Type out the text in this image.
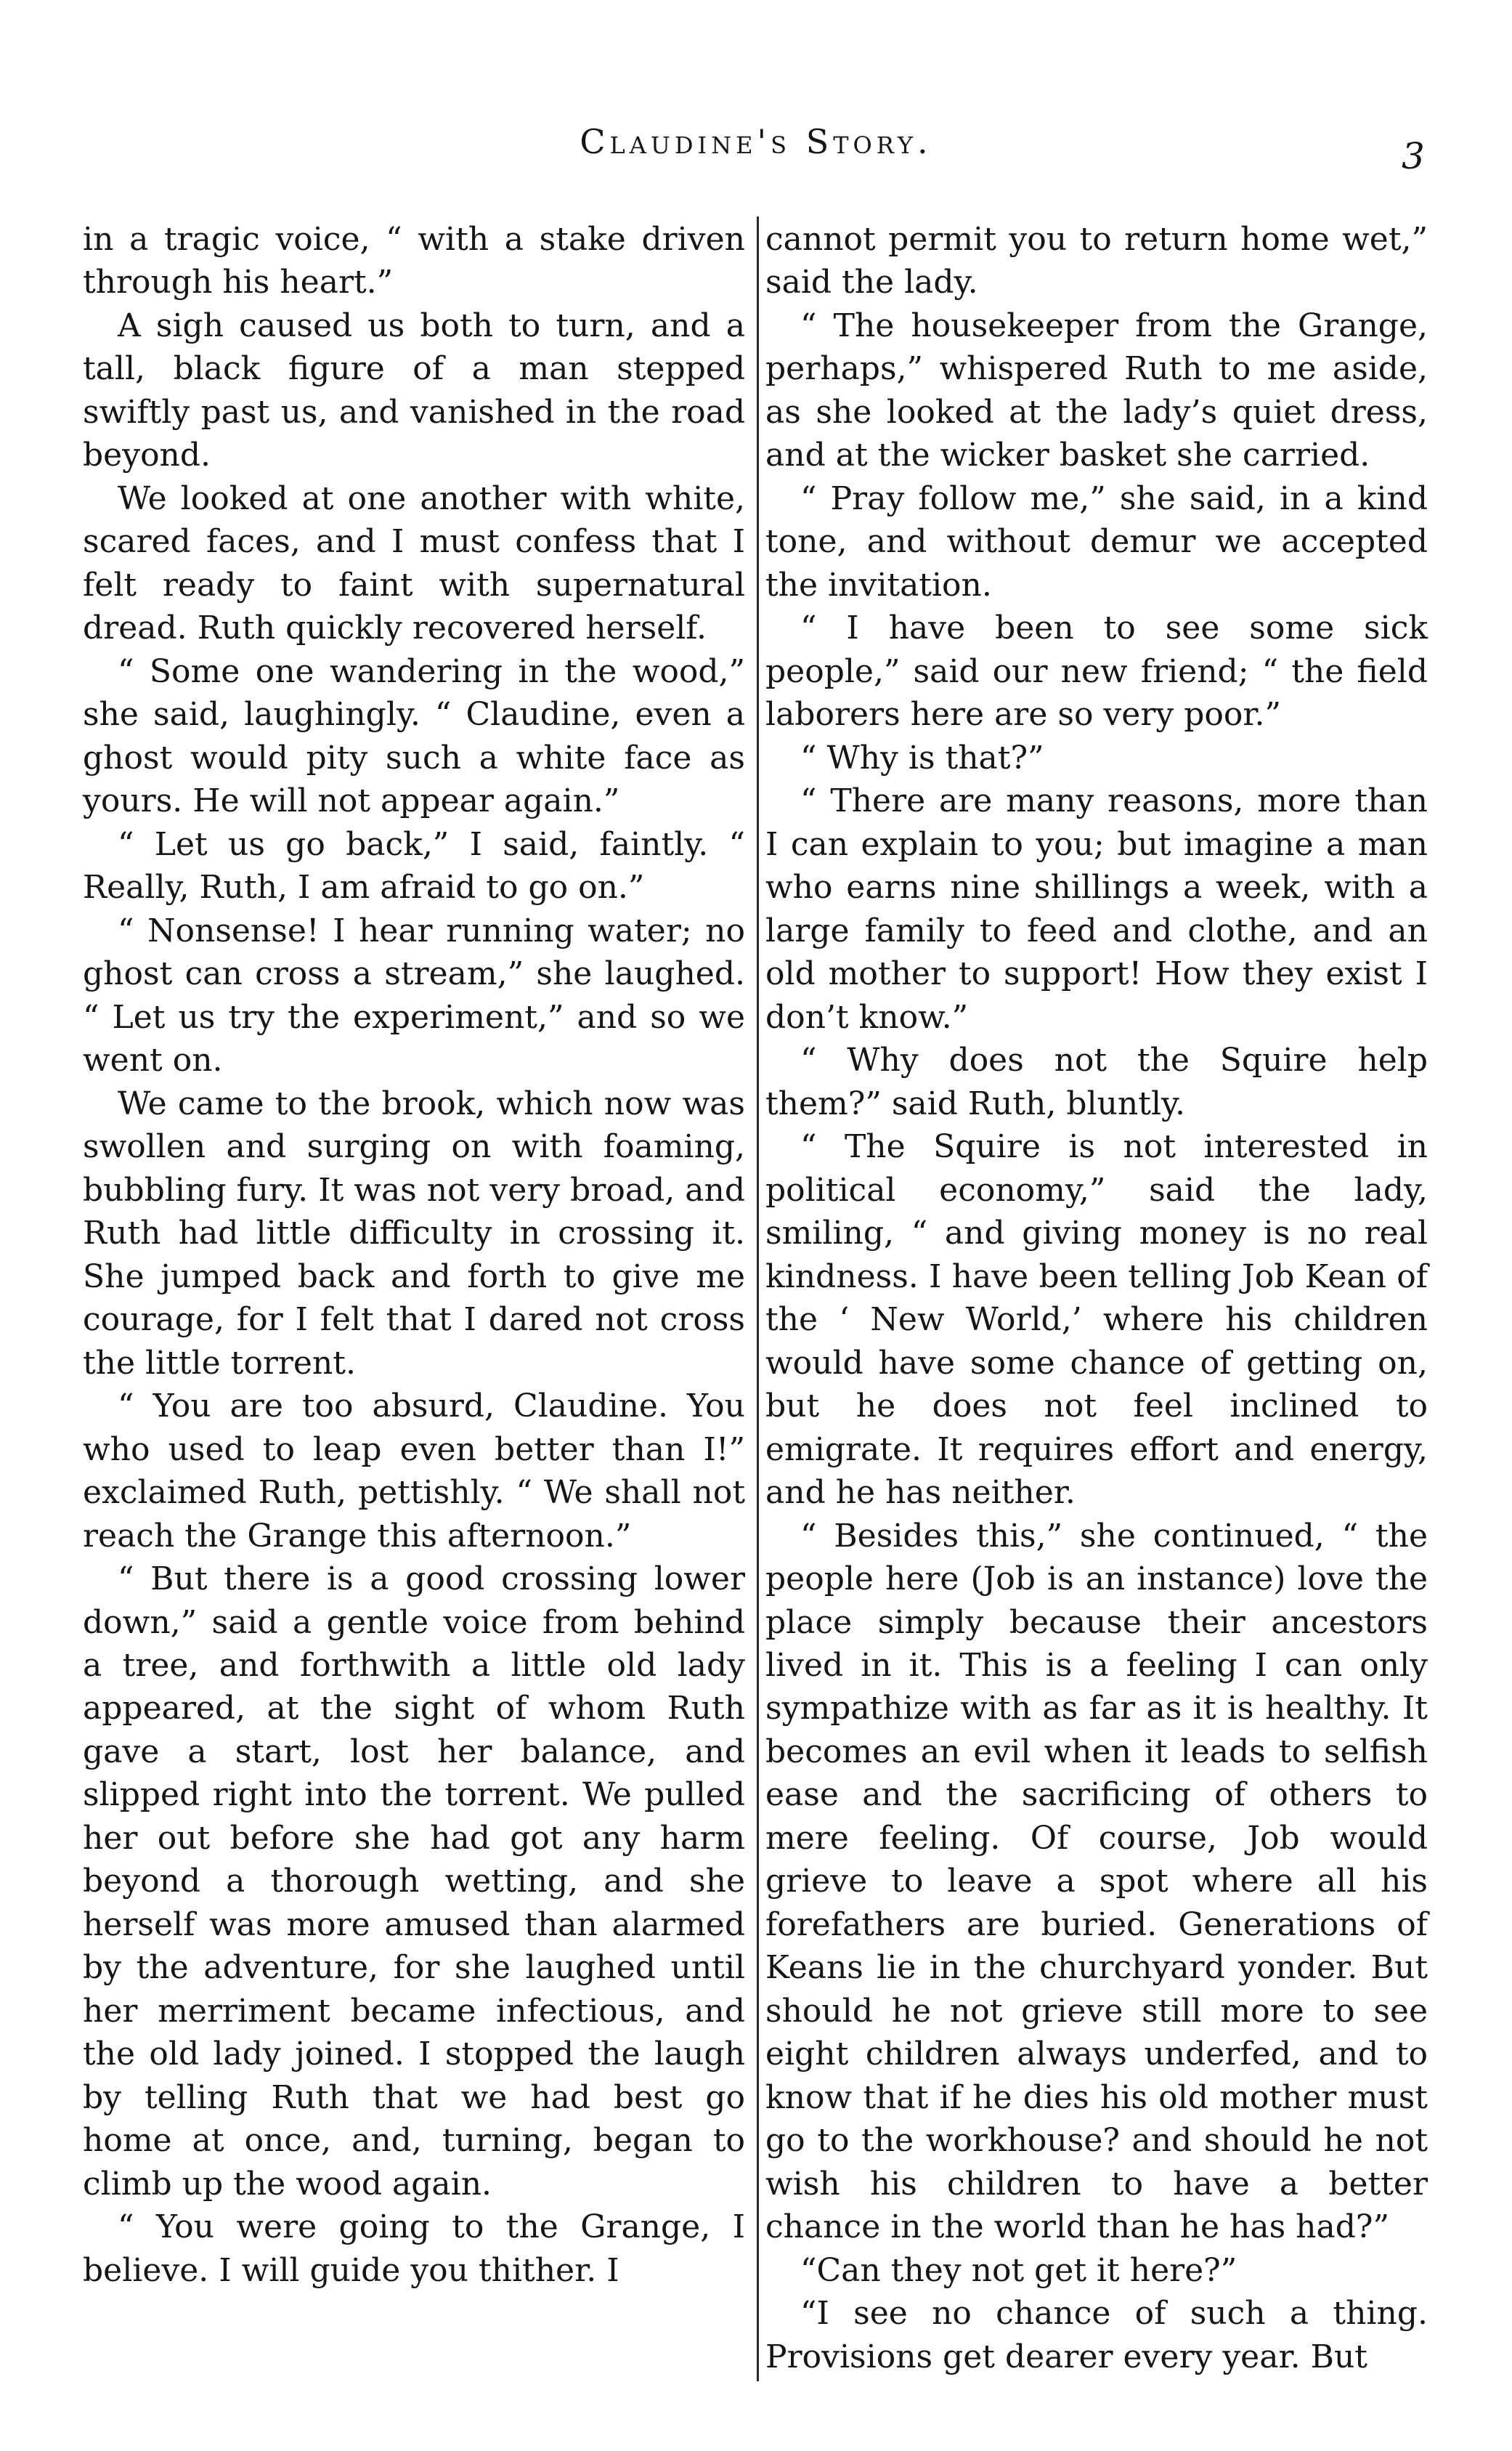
Claudine's Story.	3

in a tragic voice, “ with a stake driven through his heart.”

A sigh caused us both to turn, and a tall, black figure of a man stepped swiftly past us, and vanished in the road beyond.

We looked at one another with white, scared faces, and I must confess that I felt ready to faint with supernatural dread. Ruth quickly recovered herself.

“ Some one wandering in the wood,” she said, laughingly. “ Claudine, even a ghost would pity such a white face as yours. He will not appear again.”

“ Let us go back,” I said, faintly. “ Really, Ruth, I am afraid to go on.”

“ Nonsense! I hear running water; no ghost can cross a stream,” she laughed. “ Let us try the experiment,” and so we went on.

We came to the brook, which now was swollen and surging on with foaming, bubbling fury. It was not very broad, and Ruth had little difficulty in crossing it. She jumped back and forth to give me courage, for I felt that I dared not cross the little torrent.

“ You are too absurd, Claudine. You who used to leap even better than I!” exclaimed Ruth, pettishly. “ We shall not reach the Grange this afternoon.”

“ But there is a good crossing lower down,” said a gentle voice from behind a tree, and forthwith a little old lady appeared, at the sight of whom Ruth gave a start, lost her balance, and slipped right into the torrent. We pulled her out before she had got any harm beyond a thorough wetting, and she herself was more amused than alarmed by the adventure, for she laughed until her merriment became infectious, and the old lady joined. I stopped the laugh by telling Ruth that we had best go home at once, and, turning, began to climb up the wood again.

“ You were going to the Grange, I believe. I will guide you thither. I

cannot permit you to return home wet,” said the lady.

“ The housekeeper from the Grange, perhaps,” whispered Ruth to me aside, as she looked at the lady’s quiet dress, and at the wicker basket she carried.

“ Pray follow me,” she said, in a kind tone, and without demur we accepted the invitation.

“ I have been to see some sick people,” said our new friend; “ the field laborers here are so very poor.”

“ Why is that?”

“ There are many reasons, more than I can explain to you; but imagine a man who earns nine shillings a week, with a large family to feed and clothe, and an old mother to support! How they exist I don’t know.”

“ Why does not the Squire help them?” said Ruth, bluntly.

“ The Squire is not interested in political economy,” said the lady, smiling, “ and giving money is no real kindness. I have been telling Job Kean of the ‘ New World,’ where his children would have some chance of getting on, but he does not feel inclined to emigrate. It requires effort and energy, and he has neither.

“ Besides this,” she continued, “ the people here (Job is an instance) love the place simply because their ancestors lived in it. This is a feeling I can only sympathize with as far as it is healthy. It becomes an evil when it leads to selfish ease and the sacrificing of others to mere feeling. Of course, Job would grieve to leave a spot where all his forefathers are buried. Generations of Keans lie in the churchyard yonder. But should he not grieve still more to see eight children always underfed, and to know that if he dies his old mother must go to the workhouse? and should he not wish his children to have a better chance in the world than he has had?”

“Can they not get it here?”

“I see no chance of such a thing. Provisions get dearer every year. But
